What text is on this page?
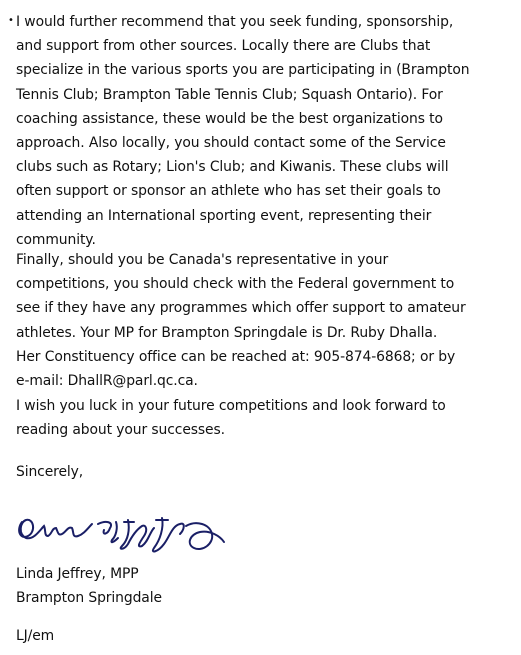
• I would further recommend that you seek funding, sponsorship,
and support from other sources. Locally there are Clubs that
specialize in the various sports you are participating in (Brampton
Tennis Club; Brampton Table Tennis Club; Squash Ontario). For
coaching assistance, these would be the best organizations to
approach. Also locally, you should contact some of the Service
clubs such as Rotary; Lion's Club; and Kiwanis. These clubs will
often support or sponsor an athlete who has set their goals to
attending an International sporting event, representing their
community.

Finally, should you be Canada's representative in your
competitions, you should check with the Federal government to
see if they have any programmes which offer support to amateur
athletes. Your MP for Brampton Springdale is Dr. Ruby Dhalla.
Her Constituency office can be reached at: 905-874-6868; or by
e-mail: DhallR@parl.qc.ca.

I wish you luck in your future competitions and look forward to
reading about your successes.

Sincerely,

Linda Jeffrey, MPP
Brampton Springdale

LJ/em
